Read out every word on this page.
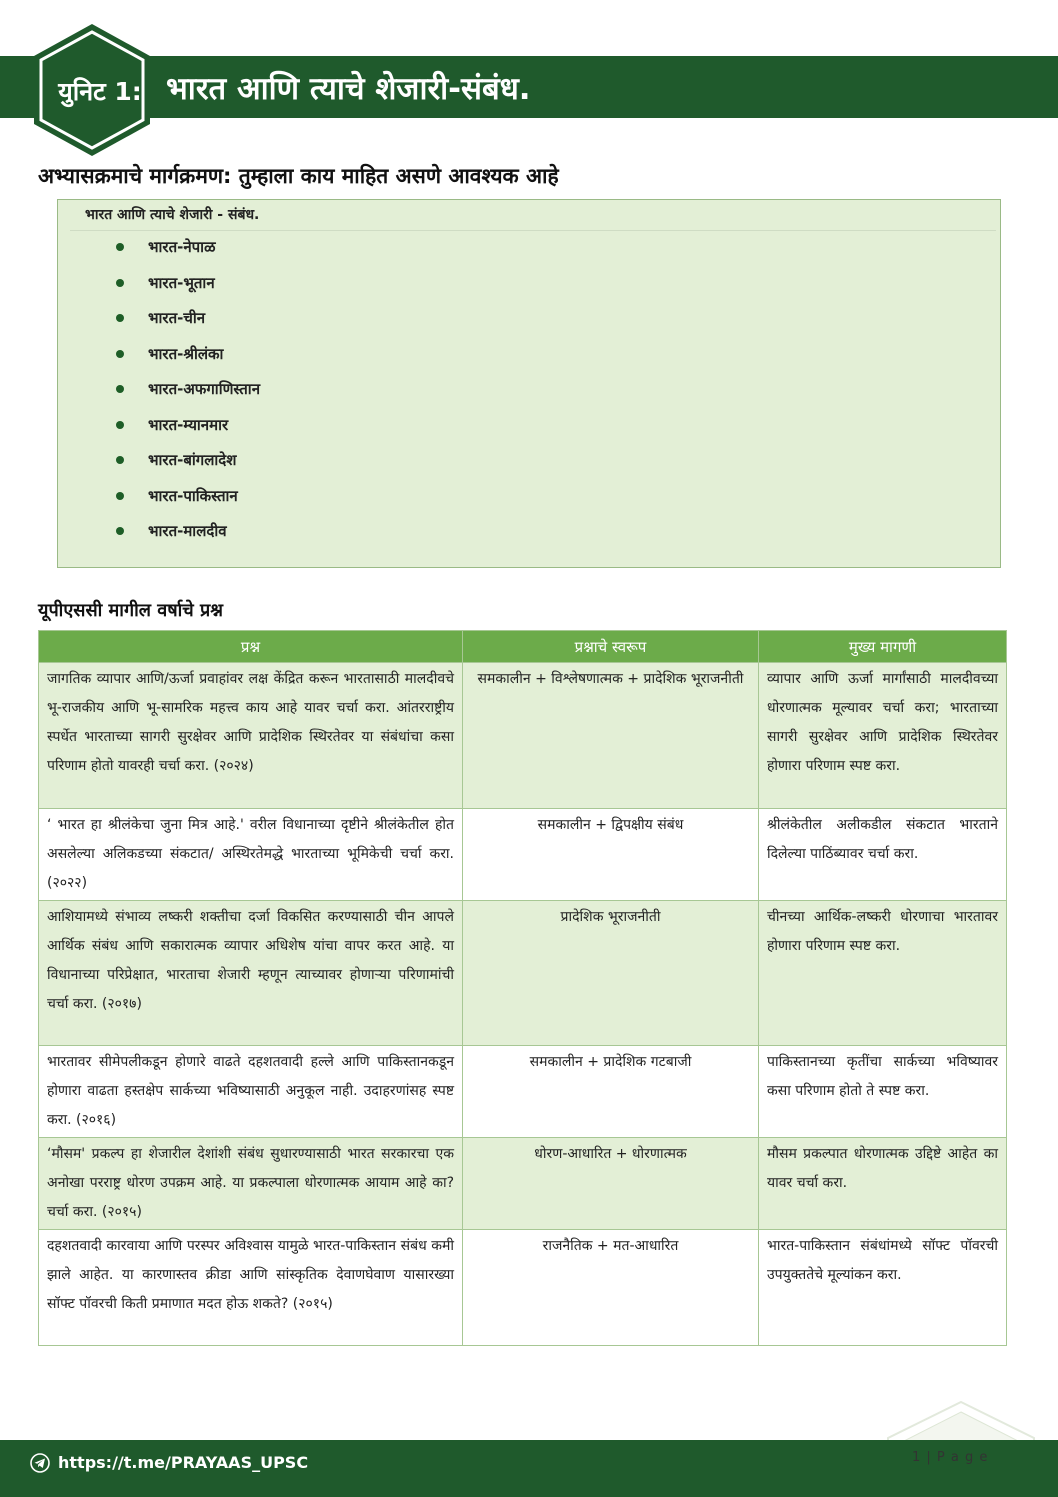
युनिट 1: भारत आणि त्याचे शेजारी-संबंध.
अभ्यासक्रमाचे मार्गक्रमण: तुम्हाला काय माहित असणे आवश्यक आहे
भारत आणि त्याचे शेजारी - संबंध.
भारत-नेपाळ
भारत-भूतान
भारत-चीन
भारत-श्रीलंका
भारत-अफगाणिस्तान
भारत-म्यानमार
भारत-बांगलादेश
भारत-पाकिस्तान
भारत-मालदीव
यूपीएससी मागील वर्षाचे प्रश्न
प्रश्न	प्रश्नाचे स्वरूप	मुख्य मागणी
जागतिक व्यापार आणि/ऊर्जा प्रवाहांवर लक्ष केंद्रित करून भारतासाठी मालदीवचे भू-राजकीय आणि भू-सामरिक महत्त्व काय आहे यावर चर्चा करा. आंतरराष्ट्रीय स्पर्धेत भारताच्या सागरी सुरक्षेवर आणि प्रादेशिक स्थिरतेवर या संबंधांचा कसा परिणाम होतो यावरही चर्चा करा. (२०२४)	समकालीन + विश्लेषणात्मक + प्रादेशिक भूराजनीती	व्यापार आणि ऊर्जा मार्गांसाठी मालदीवच्या धोरणात्मक मूल्यावर चर्चा करा; भारताच्या सागरी सुरक्षेवर आणि प्रादेशिक स्थिरतेवर होणारा परिणाम स्पष्ट करा.
‘ भारत हा श्रीलंकेचा जुना मित्र आहे.' वरील विधानाच्या दृष्टीने श्रीलंकेतील होत असलेल्या अलिकडच्या संकटात/ अस्थिरतेमद्धे भारताच्या भूमिकेची चर्चा करा. (२०२२)	समकालीन + द्विपक्षीय संबंध	श्रीलंकेतील अलीकडील संकटात भारताने दिलेल्या पाठिंब्यावर चर्चा करा.
आशियामध्ये संभाव्य लष्करी शक्तीचा दर्जा विकसित करण्यासाठी चीन आपले आर्थिक संबंध आणि सकारात्मक व्यापार अधिशेष यांचा वापर करत आहे. या विधानाच्या परिप्रेक्षात, भारताचा शेजारी म्हणून त्याच्यावर होणाऱ्या परिणामांची चर्चा करा. (२०१७)	प्रादेशिक भूराजनीती	चीनच्या आर्थिक-लष्करी धोरणाचा भारतावर होणारा परिणाम स्पष्ट करा.
भारतावर सीमेपलीकडून होणारे वाढते दहशतवादी हल्ले आणि पाकिस्तानकडून होणारा वाढता हस्तक्षेप सार्कच्या भविष्यासाठी अनुकूल नाही. उदाहरणांसह स्पष्ट करा. (२०१६)	समकालीन + प्रादेशिक गटबाजी	पाकिस्तानच्या कृतींचा सार्कच्या भविष्यावर कसा परिणाम होतो ते स्पष्ट करा.
‘मौसम' प्रकल्प हा शेजारील देशांशी संबंध सुधारण्यासाठी भारत सरकारचा एक अनोखा परराष्ट्र धोरण उपक्रम आहे. या प्रकल्पाला धोरणात्मक आयाम आहे का? चर्चा करा. (२०१५)	धोरण-आधारित + धोरणात्मक	मौसम प्रकल्पात धोरणात्मक उद्दिष्टे आहेत का यावर चर्चा करा.
दहशतवादी कारवाया आणि परस्पर अविश्वास यामुळे भारत-पाकिस्तान संबंध कमी झाले आहेत. या कारणास्तव क्रीडा आणि सांस्कृतिक देवाणघेवाण यासारख्या सॉफ्ट पॉवरची किती प्रमाणात मदत होऊ शकते? (२०१५)	राजनैतिक + मत-आधारित	भारत-पाकिस्तान संबंधांमध्ये सॉफ्ट पॉवरची उपयुक्ततेचे मूल्यांकन करा.
https://t.me/PRAYAAS_UPSC	1 | P a g e
